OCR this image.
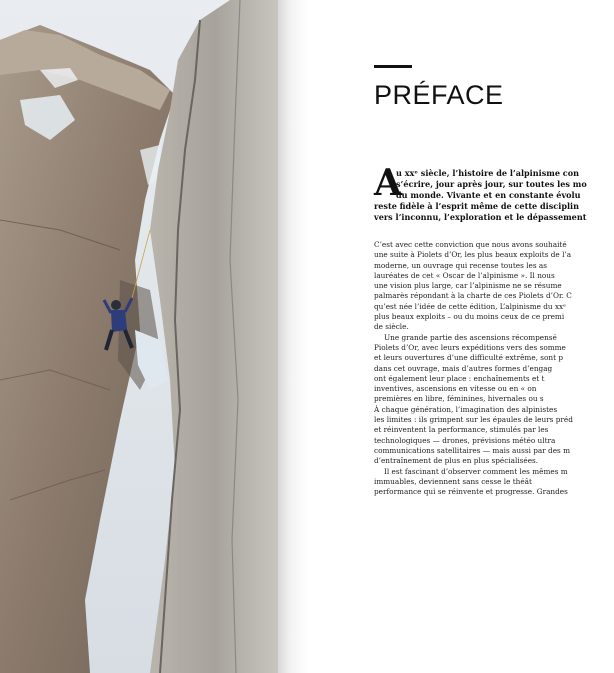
PRÉFACE
A
u xxᵉ siècle, l’histoire de l’alpinisme con
s’écrire, jour après jour, sur toutes les mo
du monde. Vivante et en constante évolu
reste fidèle à l’esprit même de cette disciplin
vers l’inconnu, l’exploration et le dépassement
C’est avec cette conviction que nous avons souhaité
une suite à Piolets d’Or, les plus beaux exploits de l’a
moderne, un ouvrage qui recense toutes les as
lauréates de cet « Oscar de l’alpinisme ». Il nous
une vision plus large, car l’alpinisme ne se résume
palmarès répondant à la charte de ces Piolets d’Or. C
qu’est née l’idée de cette édition, L’alpinisme du xxᵉ
plus beaux exploits – ou du moins ceux de ce premi
de siècle.
Une grande partie des ascensions récompensé
Piolets d’Or, avec leurs expéditions vers des somme
et leurs ouvertures d’une difficulté extrême, sont p
dans cet ouvrage, mais d’autres formes d’engag
ont également leur place : enchaînements et t
inventives, ascensions en vitesse ou en « on
premières en libre, féminines, hivernales ou s
À chaque génération, l’imagination des alpinistes
les limites : ils grimpent sur les épaules de leurs préd
et réinventent la performance, stimulés par les
technologiques — drones, prévisions météo ultra
communications satellitaires — mais aussi par des m
d’entraînement de plus en plus spécialisées.
Il est fascinant d’observer comment les mêmes m
immuables, deviennent sans cesse le théât
performance qui se réinvente et progresse. Grandes
